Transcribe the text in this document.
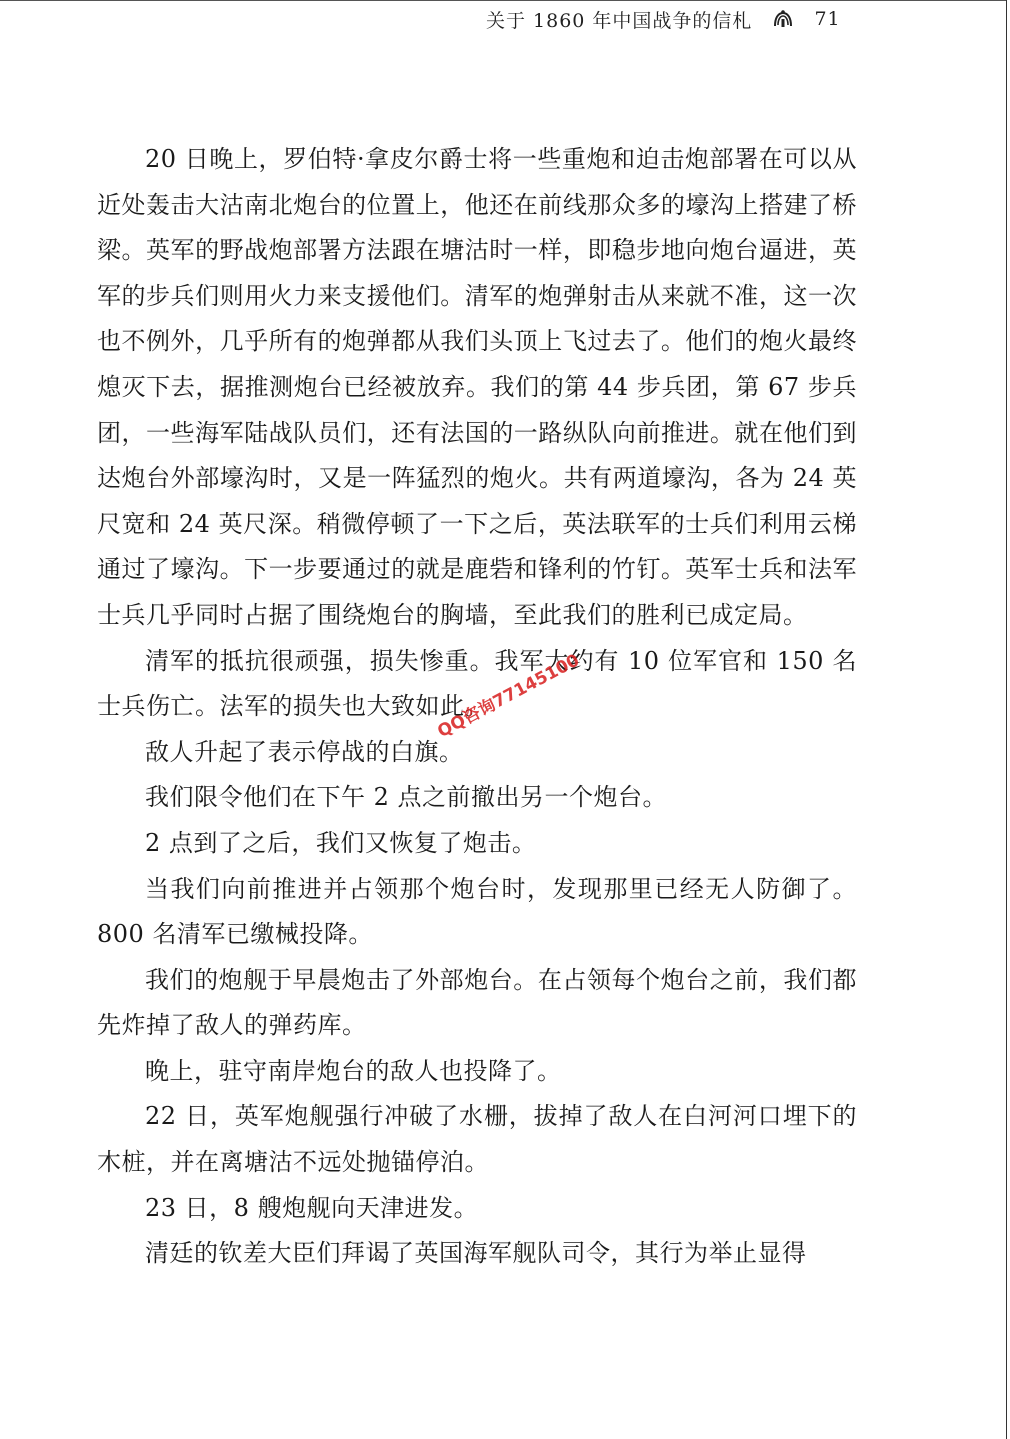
关于 1860 年中国战争的信札	71

20 日晚上，罗伯特·拿皮尔爵士将一些重炮和迫击炮部署在可以从近处轰击大沽南北炮台的位置上，他还在前线那众多的壕沟上搭建了桥梁。英军的野战炮部署方法跟在塘沽时一样，即稳步地向炮台逼进，英军的步兵们则用火力来支援他们。清军的炮弹射击从来就不准，这一次也不例外，几乎所有的炮弹都从我们头顶上飞过去了。他们的炮火最终熄灭下去，据推测炮台已经被放弃。我们的第 44 步兵团，第 67 步兵团，一些海军陆战队员们，还有法国的一路纵队向前推进。就在他们到达炮台外部壕沟时，又是一阵猛烈的炮火。共有两道壕沟，各为 24 英尺宽和 24 英尺深。稍微停顿了一下之后，英法联军的士兵们利用云梯通过了壕沟。下一步要通过的就是鹿砦和锋利的竹钉。英军士兵和法军士兵几乎同时占据了围绕炮台的胸墙，至此我们的胜利已成定局。

清军的抵抗很顽强，损失惨重。我军大约有 10 位军官和 150 名士兵伤亡。法军的损失也大致如此。

敌人升起了表示停战的白旗。

我们限令他们在下午 2 点之前撤出另一个炮台。

2 点到了之后，我们又恢复了炮击。

当我们向前推进并占领那个炮台时，发现那里已经无人防御了。800 名清军已缴械投降。

我们的炮舰于早晨炮击了外部炮台。在占领每个炮台之前，我们都先炸掉了敌人的弹药库。

晚上，驻守南岸炮台的敌人也投降了。

22 日，英军炮舰强行冲破了水栅，拔掉了敌人在白河河口埋下的木桩，并在离塘沽不远处抛锚停泊。

23 日，8 艘炮舰向天津进发。

清廷的钦差大臣们拜谒了英国海军舰队司令，其行为举止显得

QQ咨询77145100
